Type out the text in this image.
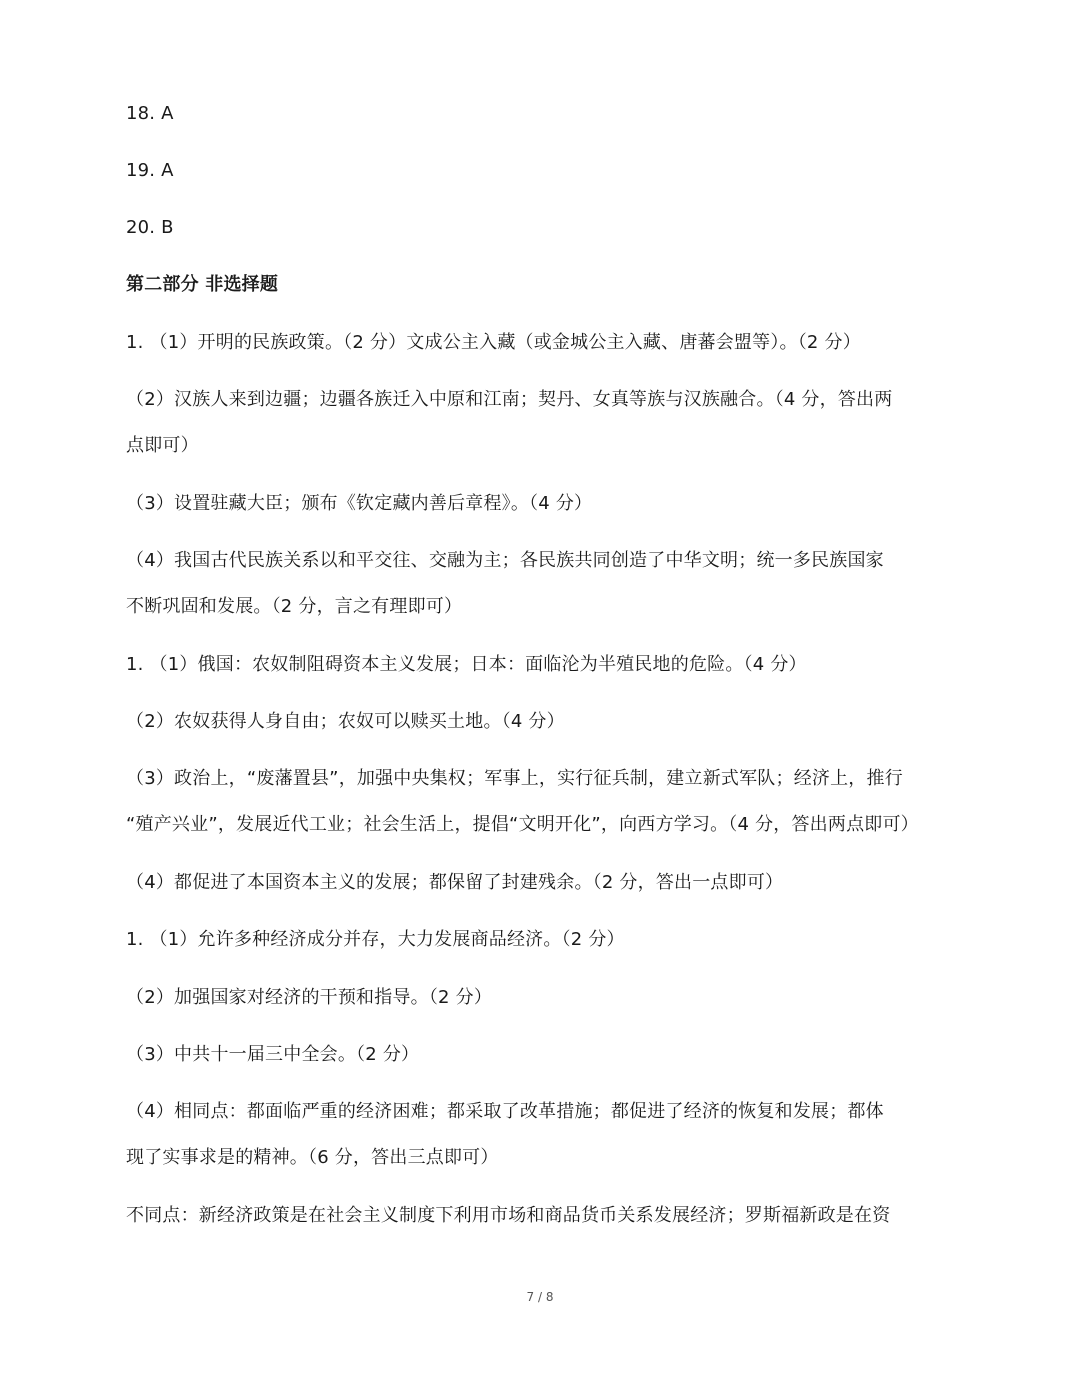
18. A
19. A
20. B
第二部分 非选择题
1. （1）开明的民族政策。（2 分）文成公主入藏（或金城公主入藏、唐蕃会盟等）。（2 分）
（2）汉族人来到边疆；边疆各族迁入中原和江南；契丹、女真等族与汉族融合。（4 分，答出两
点即可）
（3）设置驻藏大臣；颁布《钦定藏内善后章程》。（4 分）
（4）我国古代民族关系以和平交往、交融为主；各民族共同创造了中华文明；统一多民族国家
不断巩固和发展。（2 分，言之有理即可）
1. （1）俄国：农奴制阻碍资本主义发展；日本：面临沦为半殖民地的危险。（4 分）
（2）农奴获得人身自由；农奴可以赎买土地。（4 分）
（3）政治上，“废藩置县”，加强中央集权；军事上，实行征兵制，建立新式军队；经济上，推行
“殖产兴业”，发展近代工业；社会生活上，提倡“文明开化”，向西方学习。（4 分，答出两点即可）
（4）都促进了本国资本主义的发展；都保留了封建残余。（2 分，答出一点即可）
1. （1）允许多种经济成分并存，大力发展商品经济。（2 分）
（2）加强国家对经济的干预和指导。（2 分）
（3）中共十一届三中全会。（2 分）
（4）相同点：都面临严重的经济困难；都采取了改革措施；都促进了经济的恢复和发展；都体
现了实事求是的精神。（6 分，答出三点即可）
不同点：新经济政策是在社会主义制度下利用市场和商品货币关系发展经济；罗斯福新政是在资
7 / 8
